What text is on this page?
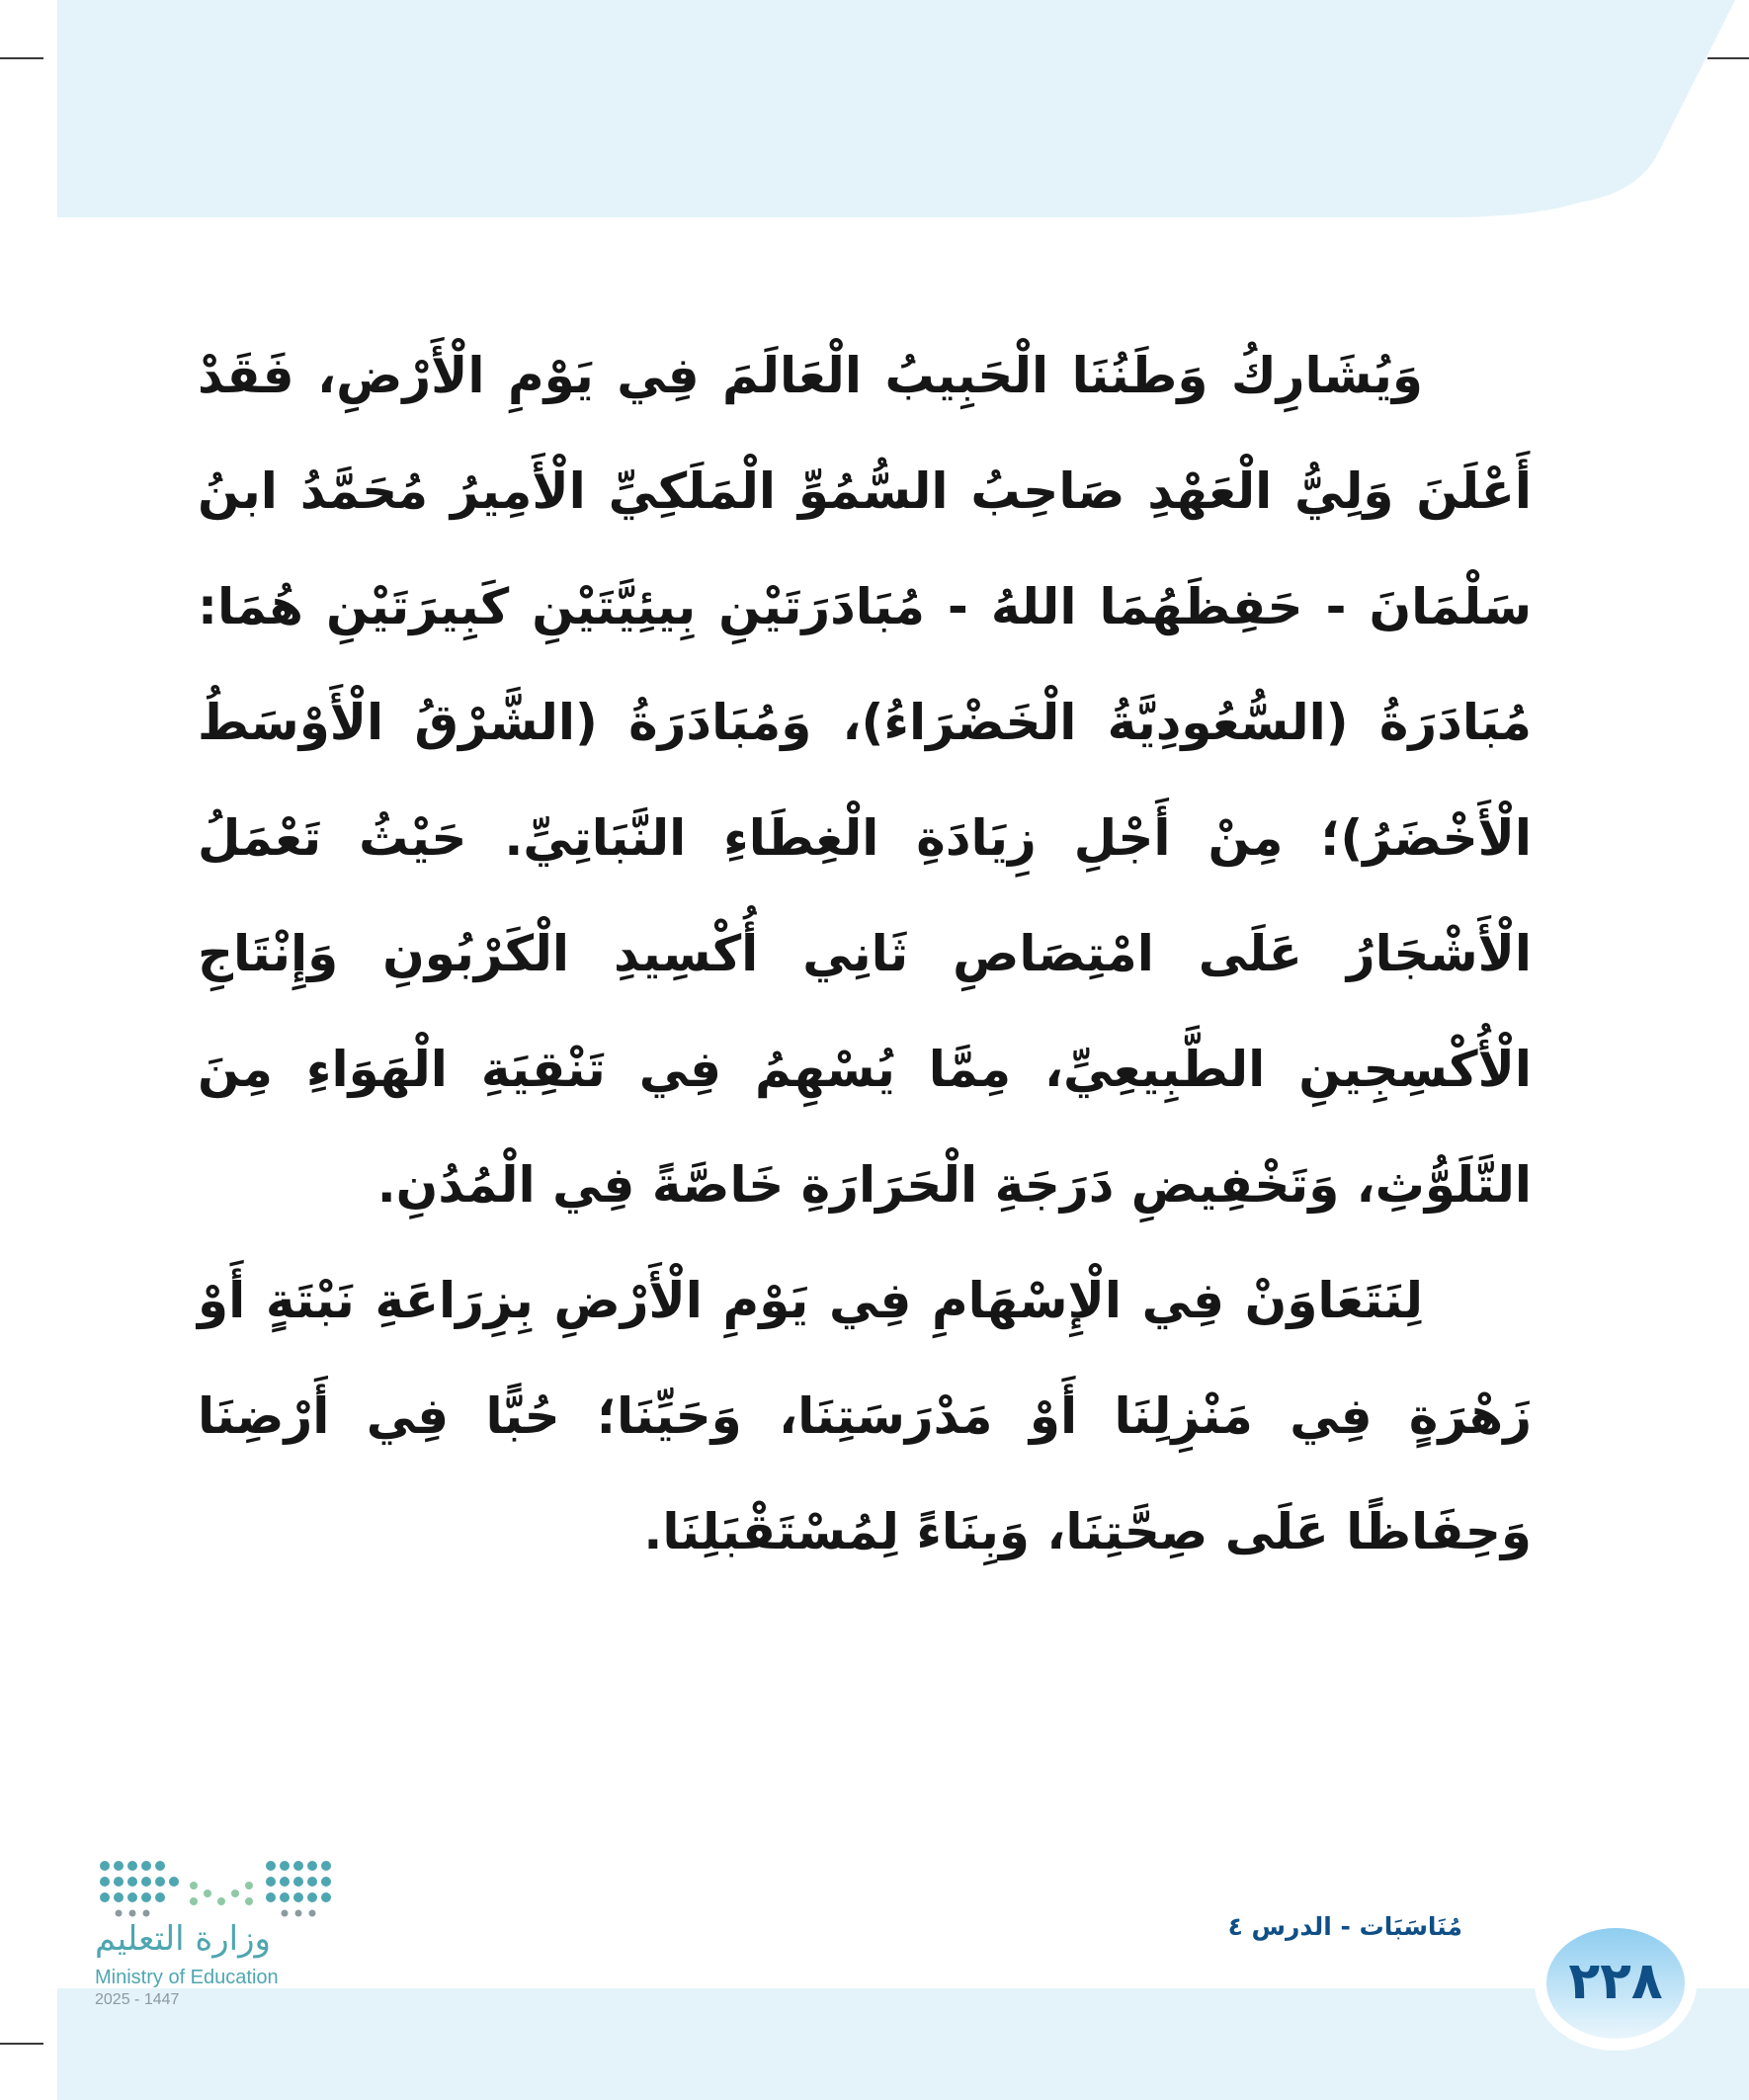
وَيُشَارِكُ وَطَنُنَا الْحَبِيبُ الْعَالَمَ فِي يَوْمِ الْأَرْضِ، فَقَدْ أَعْلَنَ وَلِيُّ الْعَهْدِ صَاحِبُ السُّمُوِّ الْمَلَكِيِّ الْأَمِيرُ مُحَمَّدُ ابنُ سَلْمَانَ - حَفِظَهُمَا اللهُ - مُبَادَرَتَيْنِ بِيئِيَّتَيْنِ كَبِيرَتَيْنِ هُمَا: مُبَادَرَةُ (السُّعُودِيَّةُ الْخَضْرَاءُ)، وَمُبَادَرَةُ (الشَّرْقُ الْأَوْسَطُ الْأَخْضَرُ)؛ مِنْ أَجْلِ زِيَادَةِ الْغِطَاءِ النَّبَاتِيِّ. حَيْثُ تَعْمَلُ الْأَشْجَارُ عَلَى امْتِصَاصِ ثَانِي أُكْسِيدِ الْكَرْبُونِ وَإِنْتَاجِ الْأُكْسِجِينِ الطَّبِيعِيِّ، مِمَّا يُسْهِمُ فِي تَنْقِيَةِ الْهَوَاءِ مِنَ التَّلَوُّثِ، وَتَخْفِيضِ دَرَجَةِ الْحَرَارَةِ خَاصَّةً فِي الْمُدُنِ.

لِنَتَعَاوَنْ فِي الْإِسْهَامِ فِي يَوْمِ الْأَرْضِ بِزِرَاعَةِ نَبْتَةٍ أَوْ زَهْرَةٍ فِي مَنْزِلِنَا أَوْ مَدْرَسَتِنَا، وَحَيِّنَا؛ حُبًّا فِي أَرْضِنَا وَحِفَاظًا عَلَى صِحَّتِنَا، وَبِنَاءً لِمُسْتَقْبَلِنَا.

٢٢٨
مُنَاسَبَات - الدرس ٤
وزارة التعليم
Ministry of Education
2025 - 1447
